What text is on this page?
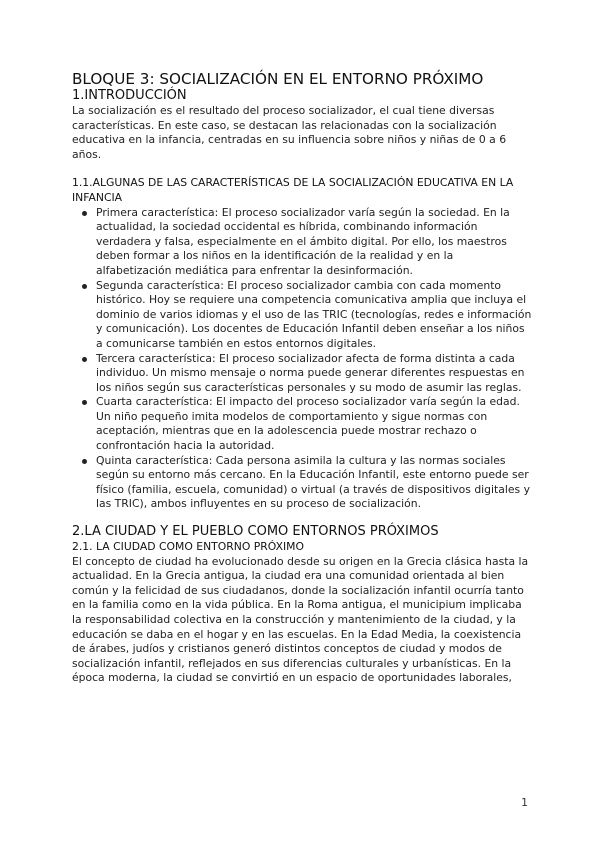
BLOQUE 3: SOCIALIZACIÓN EN EL ENTORNO PRÓXIMO
1.INTRODUCCIÓN

La socialización es el resultado del proceso socializador, el cual tiene diversas características. En este caso, se destacan las relacionadas con la socialización educativa en la infancia, centradas en su influencia sobre niños y niñas de 0 a 6 años.

1.1.ALGUNAS DE LAS CARACTERÍSTICAS DE LA SOCIALIZACIÓN EDUCATIVA EN LA INFANCIA
Primera característica: El proceso socializador varía según la sociedad. En la actualidad, la sociedad occidental es híbrida, combinando información verdadera y falsa, especialmente en el ámbito digital. Por ello, los maestros deben formar a los niños en la identificación de la realidad y en la alfabetización mediática para enfrentar la desinformación.
Segunda característica: El proceso socializador cambia con cada momento histórico. Hoy se requiere una competencia comunicativa amplia que incluya el dominio de varios idiomas y el uso de las TRIC (tecnologías, redes e información y comunicación). Los docentes de Educación Infantil deben enseñar a los niños a comunicarse también en estos entornos digitales.
Tercera característica: El proceso socializador afecta de forma distinta a cada individuo. Un mismo mensaje o norma puede generar diferentes respuestas en los niños según sus características personales y su modo de asumir las reglas.
Cuarta característica: El impacto del proceso socializador varía según la edad. Un niño pequeño imita modelos de comportamiento y sigue normas con aceptación, mientras que en la adolescencia puede mostrar rechazo o confrontación hacia la autoridad.
Quinta característica: Cada persona asimila la cultura y las normas sociales según su entorno más cercano. En la Educación Infantil, este entorno puede ser físico (familia, escuela, comunidad) o virtual (a través de dispositivos digitales y las TRIC), ambos influyentes en su proceso de socialización.
2.LA CIUDAD Y EL PUEBLO COMO ENTORNOS PRÓXIMOS
2.1. LA CIUDAD COMO ENTORNO PRÓXIMO

El concepto de ciudad ha evolucionado desde su origen en la Grecia clásica hasta la actualidad. En la Grecia antigua, la ciudad era una comunidad orientada al bien común y la felicidad de sus ciudadanos, donde la socialización infantil ocurría tanto en la familia como en la vida pública. En la Roma antigua, el municipium implicaba la responsabilidad colectiva en la construcción y mantenimiento de la ciudad, y la educación se daba en el hogar y en las escuelas. En la Edad Media, la coexistencia de árabes, judíos y cristianos generó distintos conceptos de ciudad y modos de socialización infantil, reflejados en sus diferencias culturales y urbanísticas. En la época moderna, la ciudad se convirtió en un espacio de oportunidades laborales,

1
